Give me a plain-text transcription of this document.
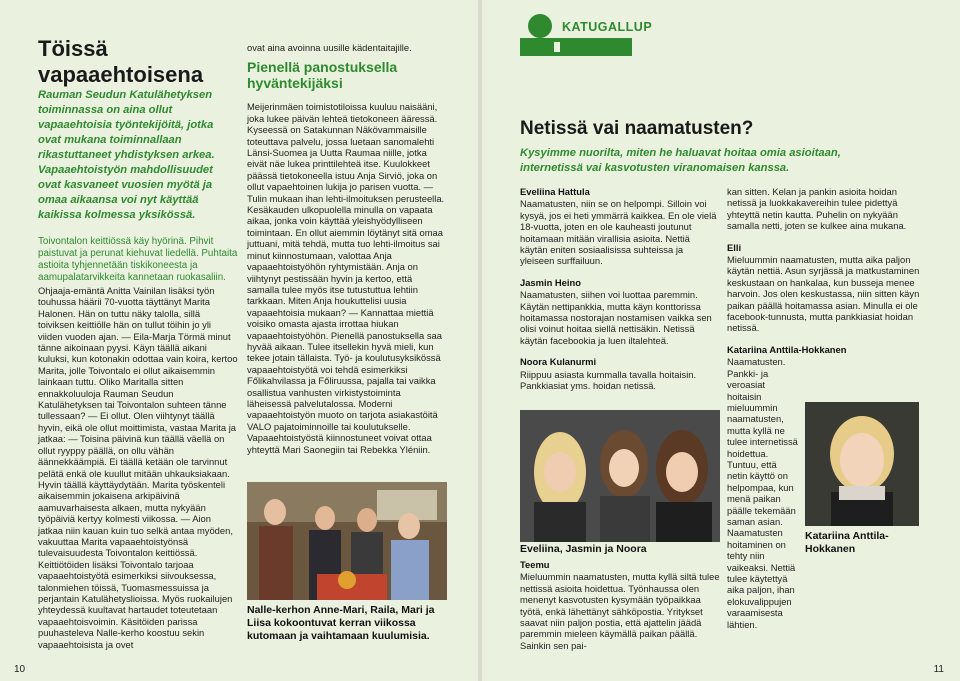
Töissä vapaaehtoisena
Rauman Seudun Katulähetyksen toiminnassa on aina ollut vapaaehtoisia työntekijöitä, jotka ovat mukana toiminnallaan rikastuttaneet yhdistyksen arkea. Vapaaehtoistyön mahdollisuudet ovat kasvaneet vuosien myötä ja omaa aikaansa voi nyt käyttää kaikissa kolmessa yksikössä.

Toivontalon keittiössä käy hyörinä. Pihvit paistuvat ja perunat kiehuvat liedellä. Puhtaita astioita tyhjennetään tiskikoneesta ja aamupalatarvikkeita kannetaan ruokasaliin.

Ohjaaja-emäntä Anitta Vainilan lisäksi työn touhussa häärii 70-vuotta täyttänyt Marita Halonen. Hän on tuttu näky talolla, sillä toiviksen keittiölle hän on tullut töihin jo yli viiden vuoden ajan. — Eila-Marja Törmä minut tänne aikoinaan pyysi. Käyn täällä aikani kuluksi, kun kotonakin odottaa vain koira, kertoo Marita, jolle Toivontalo ei ollut aikaisemmin lainkaan tuttu. Oliko Maritalla sitten ennakkoluuloja Rauman Seudun Katulähetyksen tai Toivontalon suhteen tänne tullessaan? — Ei ollut. Olen viihtynyt täällä hyvin, eikä ole ollut moittimista, vastaa Marita ja jatkaa: — Toisina päivinä kun täällä väellä on ollut ryyppy päällä, on ollu vähän äännekkäämpiä. Ei täällä ketään ole tarvinnut pelätä enkä ole kuullut mitään uhkauksiakaan. Hyvin täällä käyttäydytään. Marita työskenteli aikaisemmin jokaisena arkipäivinä aamuvarhaisesta alkaen, mutta nykyään työpäiviä kertyy kolmesti viikossa. — Aion jatkaa niin kauan kuin tuo selkä antaa myöden, vakuuttaa Marita vapaaehtoistyönsä tulevaisuudesta Toivontalon keittiössä. Keittiötöiden lisäksi Toivontalo tarjoaa vapaaehtoistyötä esimerkiksi siivouksessa, talonmiehen töissä, Tuomasmessuissa ja perjantain Katulähetyslioissa. Myös ruokailujen yhteydessä kuultavat hartaudet toteutetaan vapaaehtoisvoimin. Käsitöiden parissa puuhasteleva Nalle-kerho koostuu sekin vapaaehtoisista ja ovet

ovat aina avoinna uusille kädentaitajille.

Pienellä panostuksella hyväntekijäksi

Meijerinmäen toimistotiloissa kuuluu naisääni, joka lukee päivän lehteä tietokoneen ääressä. Kyseessä on Satakunnan Näkövammaisille toteuttava palvelu, jossa luetaan sanomalehti Länsi-Suomea ja Uutta Raumaa niille, jotka eivät näe lukea printtilehteä itse. Kuulokkeet päässä tietokoneella istuu Anja Sirviö, joka on ollut vapaehtoinen lukija jo parisen vuotta. — Tulin mukaan ihan lehti-ilmoituksen perusteella. Kesäkauden ulkopuolella minulla on vapaata aikaa, jonka voin käyttää yleishyödylliseen toimintaan. En ollut aiemmin löytänyt sitä omaa juttuani, mitä tehdä, mutta tuo lehti-ilmoitus sai minut kiinnostumaan, valottaa Anja vapaaehtoistyöhön ryhtymistään. Anja on viihtynyt pestissään hyvin ja kertoo, että samalla tulee myös itse tutustuttua lehtiin tarkkaan. Miten Anja houkuttelisi uusia vapaaehtoisia mukaan? — Kannattaa miettiä voisiko omasta ajasta irrottaa hiukan vapaaehtoistyöhön. Pienellä panostuksella saa hyvää aikaan. Tulee itsellekin hyvä mieli, kun tekee jotain tällaista. Työ- ja koulutusyksikössä vapaaehtoistyötä voi tehdä esimerkiksi Főlikahvilassa ja Főliruussa, pajalla tai vaikka osallistua vanhusten virkistystoiminta läheisessä palvelutalossa. Moderni vapaaehtoistyön muoto on tarjota asiakastöitä VALO pajatoiminnoille tai koulutukselle. Vapaaehtoistyöstä kiinnostuneet voivat ottaa yhteyttä Mari Saonegiin tai Rebekka Yléniin.

Nalle-kerhon Anne-Mari, Raila, Mari ja Liisa kokoontuvat kerran viikossa kutomaan ja vaihtamaan kuulumisia.
10
KATUGALLUP
Netissä vai naamatusten?
Kysyimme nuorilta, miten he haluavat hoitaa omia asioitaan, internetissä vai kasvotusten viranomaisen kanssa.

Eveliina Hattula

Naamatusten, niin se on helpompi. Silloin voi kysyä, jos ei heti ymmärrä kaikkea. En ole vielä 18-vuotta, joten en ole kauheasti joutunut hoitamaan mitään virallisia asioita. Nettiä käytän eniten sosiaalisissa suhteissa ja yleiseen surffailuun.

Jasmin Heino

Naamatusten, siihen voi luottaa paremmin. Käytän nettipankkia, mutta käyn konttorissa hoitamassa nostorajan nostamisen vaikka sen olisi voinut hoitaa siellä nettisäkin. Netissä käytän facebookia ja luen iltalehteä.

Noora Kulanurmi

Riippuu asiasta kummalla tavalla hoitaisin. Pankkiasiat yms. hoidan netissä.

Eveliina, Jasmin ja Noora

Teemu

Mieluummin naamatusten, mutta kyllä siltä tulee nettissä asioita hoidettua. Työnhaussa olen menenyt kasvotusten kysymään työpaikkaa työtä, enkä lähettänyt sähköpostia. Yritykset saavat niin paljon postia, että ajattelin jäädä paremmin mieleen käymällä paikan päällä. Sainkin sen pai-

kan sitten. Kelan ja pankin asioita hoidan netissä ja luokkakavereihin tulee pidettyä yhteyttä netin kautta. Puhelin on nykyään samalla netti, joten se kulkee aina mukana.

Elli

Mieluummin naamatusten, mutta aika paljon käytän nettiä. Asun syrjässä ja matkustaminen keskustaan on hankalaa, kun busseja menee harvoin. Jos olen keskustassa, niin sitten käyn paikan päällä hoitamassa asian. Minulla ei ole facebook-tunnusta, mutta pankkiasiat hoidan netissä.

Katariina Anttila-Hokkanen

Naamatusten. Pankki- ja veroasiat hoitaisin mieluummin naamatusten, mutta kyllä ne tulee internetissä hoidettua. Tuntuu, että netin käyttö on helpompaa, kun menä paikan päälle tekemään saman asian. Naamatusten hoitaminen on tehty niin vaikeaksi. Nettiä tulee käytettyä aika paljon, ihan elokuvalippujen varaamisesta lähtien.

Katariina Anttila-Hokkanen
11
